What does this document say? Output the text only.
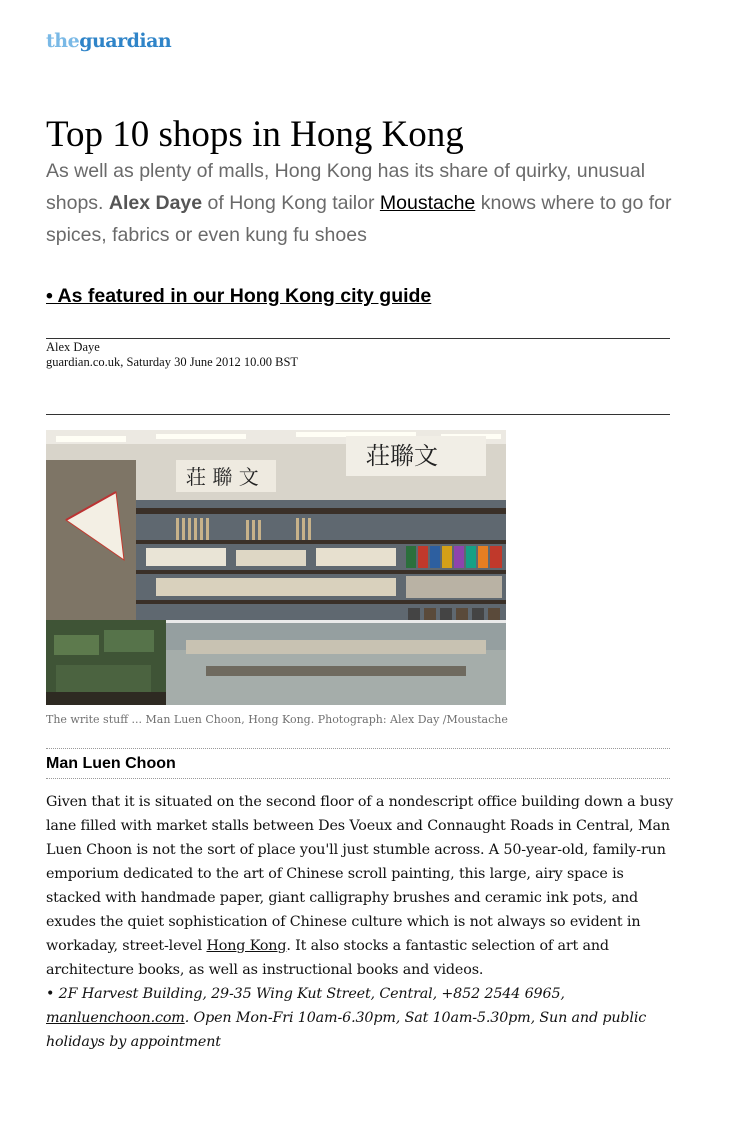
theguardian
Top 10 shops in Hong Kong
As well as plenty of malls, Hong Kong has its share of quirky, unusual shops. Alex Daye of Hong Kong tailor Moustache knows where to go for spices, fabrics or even kung fu shoes
• As featured in our Hong Kong city guide
Alex Daye
guardian.co.uk, Saturday 30 June 2012 10.00 BST
荘 聯 文
荘聯文
The write stuff ... Man Luen Choon, Hong Kong. Photograph: Alex Day /Moustache
Man Luen Choon

Given that it is situated on the second floor of a nondescript office building down a busy lane filled with market stalls between Des Voeux and Connaught Roads in Central, Man Luen Choon is not the sort of place you'll just stumble across. A 50-year-old, family-run emporium dedicated to the art of Chinese scroll painting, this large, airy space is stacked with handmade paper, giant calligraphy brushes and ceramic ink pots, and exudes the quiet sophistication of Chinese culture which is not always so evident in workaday, street-level Hong Kong. It also stocks a fantastic selection of art and architecture books, as well as instructional books and videos.

• 2F Harvest Building, 29-35 Wing Kut Street, Central, +852 2544 6965, manluenchoon.com. Open Mon-Fri 10am-6.30pm, Sat 10am-5.30pm, Sun and public holidays by appointment
